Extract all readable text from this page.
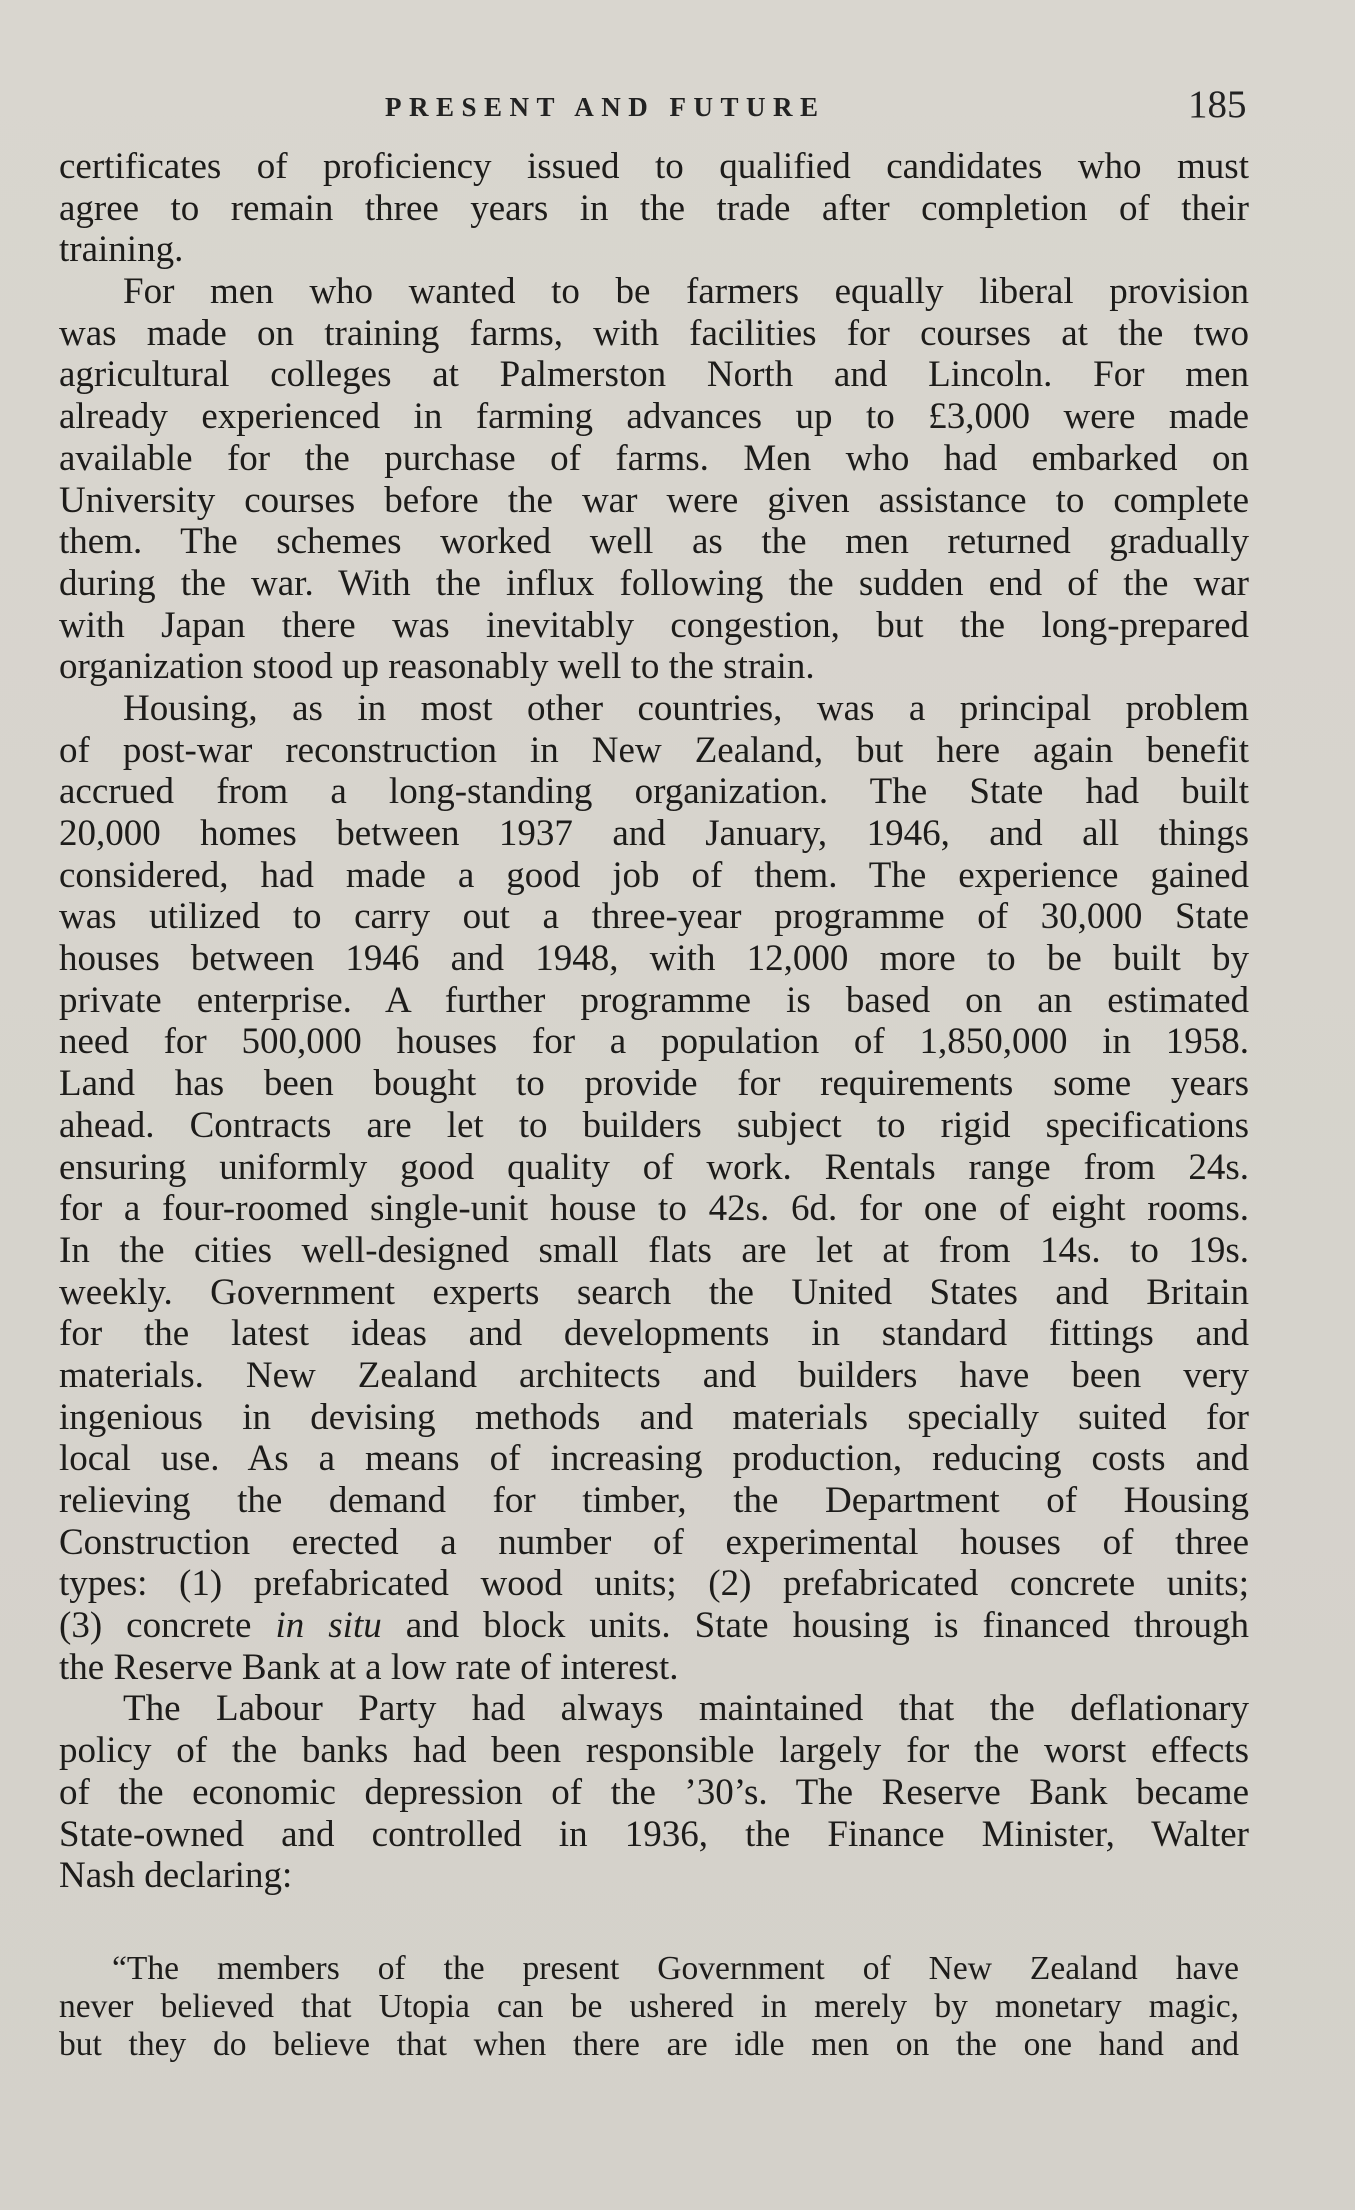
PRESENT AND FUTURE	185
certificates of proficiency issued to qualified candidates who must
agree to remain three years in the trade after completion of their
training.
For men who wanted to be farmers equally liberal provision
was made on training farms, with facilities for courses at the two
agricultural colleges at Palmerston North and Lincoln. For men
already experienced in farming advances up to £3,000 were made
available for the purchase of farms. Men who had embarked on
University courses before the war were given assistance to complete
them. The schemes worked well as the men returned gradually
during the war. With the influx following the sudden end of the war
with Japan there was inevitably congestion, but the long-prepared
organization stood up reasonably well to the strain.
Housing, as in most other countries, was a principal problem
of post-war reconstruction in New Zealand, but here again benefit
accrued from a long-standing organization. The State had built
20,000 homes between 1937 and January, 1946, and all things
considered, had made a good job of them. The experience gained
was utilized to carry out a three-year programme of 30,000 State
houses between 1946 and 1948, with 12,000 more to be built by
private enterprise. A further programme is based on an estimated
need for 500,000 houses for a population of 1,850,000 in 1958.
Land has been bought to provide for requirements some years
ahead. Contracts are let to builders subject to rigid specifications
ensuring uniformly good quality of work. Rentals range from 24s.
for a four-roomed single-unit house to 42s. 6d. for one of eight rooms.
In the cities well-designed small flats are let at from 14s. to 19s.
weekly. Government experts search the United States and Britain
for the latest ideas and developments in standard fittings and
materials. New Zealand architects and builders have been very
ingenious in devising methods and materials specially suited for
local use. As a means of increasing production, reducing costs and
relieving the demand for timber, the Department of Housing
Construction erected a number of experimental houses of three
types: (1) prefabricated wood units; (2) prefabricated concrete units;
(3) concrete in situ and block units. State housing is financed through
the Reserve Bank at a low rate of interest.
The Labour Party had always maintained that the deflationary
policy of the banks had been responsible largely for the worst effects
of the economic depression of the ’30’s. The Reserve Bank became
State-owned and controlled in 1936, the Finance Minister, Walter
Nash declaring:
“The members of the present Government of New Zealand have
never believed that Utopia can be ushered in merely by monetary magic,
but they do believe that when there are idle men on the one hand and
